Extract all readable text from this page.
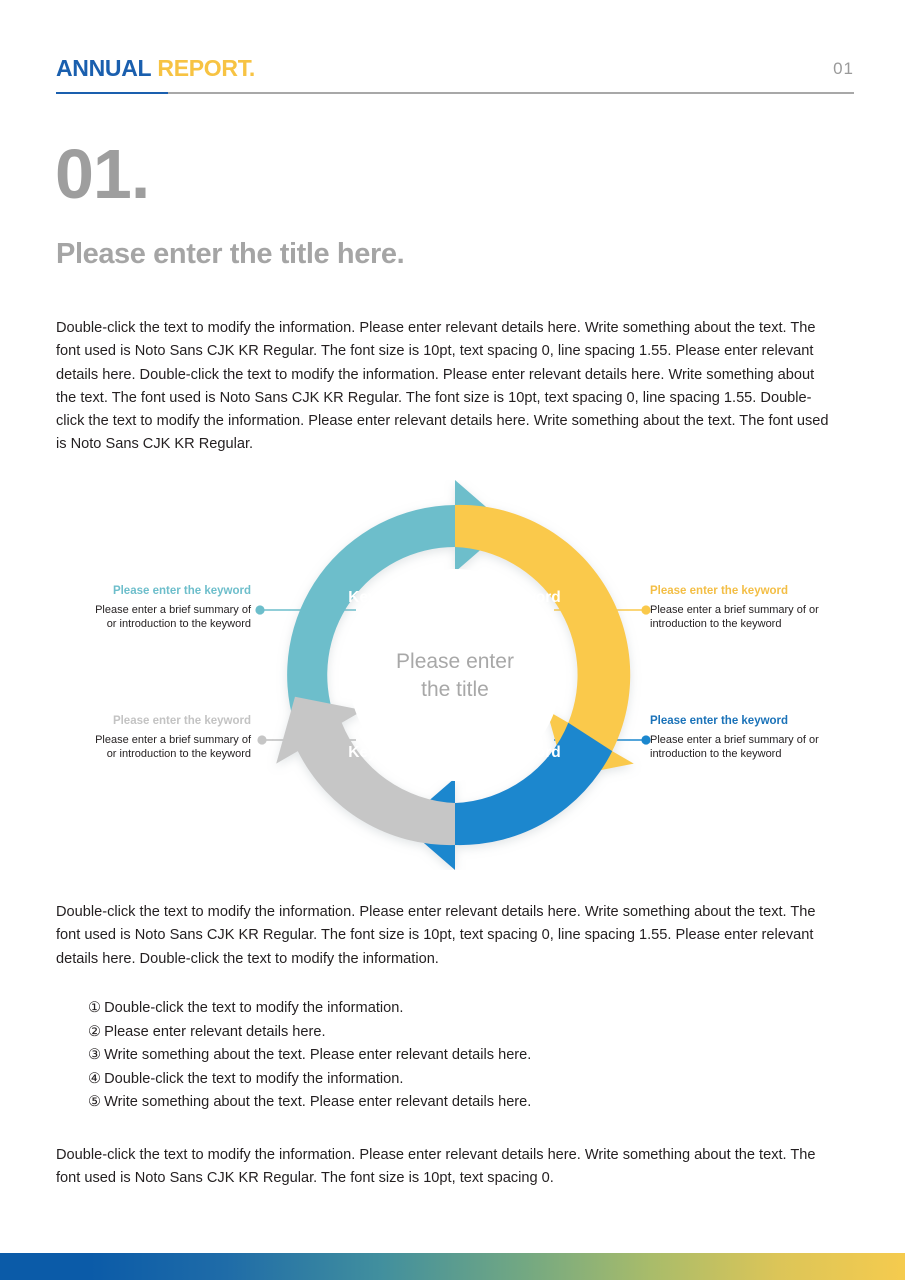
ANNUAL REPORT.	01
01.
Please enter the title here.
Double-click the text to modify the information. Please enter relevant details here. Write something about the text. The font used is Noto Sans CJK KR Regular. The font size is 10pt, text spacing 0, line spacing 1.55. Please enter relevant details here. Double-click the text to modify the information. Please enter relevant details here. Write something about the text. The font used is Noto Sans CJK KR Regular. The font size is 10pt, text spacing 0, line spacing 1.55. Double-click the text to modify the information. Please enter relevant details here. Write something about the text. The font used is Noto Sans CJK KR Regular.
Keyword	Keyword
Keyword
Keyword
Please enter
the title
Please enter the keyword
Please enter a brief summary of
or introduction to the keyword
Please enter the keyword
Please enter a brief summary of
or introduction to the keyword
Please enter the keyword
Please enter a brief summary of or
introduction to the keyword
Please enter the keyword
Please enter a brief summary of or
introduction to the keyword
Double-click the text to modify the information. Please enter relevant details here. Write something about the text. The font used is Noto Sans CJK KR Regular. The font size is 10pt, text spacing 0, line spacing 1.55. Please enter relevant details here. Double-click the text to modify the information.
① Double-click the text to modify the information.
② Please enter relevant details here.
③ Write something about the text. Please enter relevant details here.
④ Double-click the text to modify the information.
⑤ Write something about the text. Please enter relevant details here.
Double-click the text to modify the information. Please enter relevant details here. Write something about the text. The font used is Noto Sans CJK KR Regular. The font size is 10pt, text spacing 0.
